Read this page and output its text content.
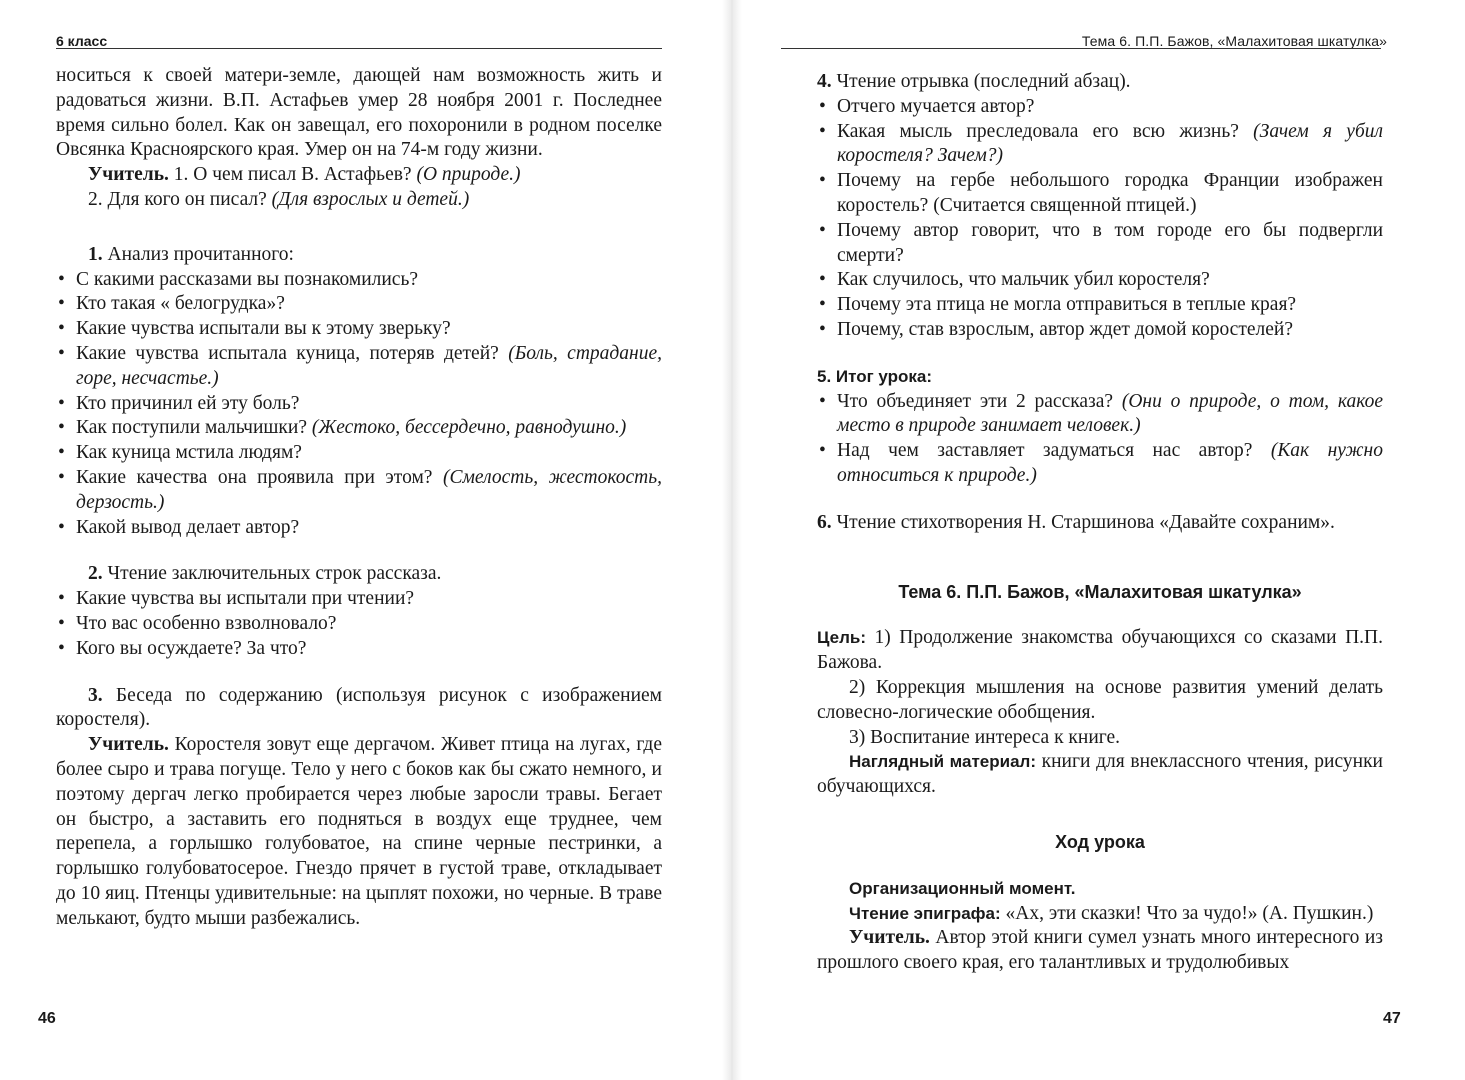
6 класс

носиться к своей матери-земле, дающей нам возможность жить и радоваться жизни. В.П. Астафьев умер 28 ноября 2001 г. Последнее время сильно болел. Как он завещал, его похоронили в родном поселке Овсянка Красноярского края. Умер он на 74-м году жизни.

Учитель. 1. О чем писал В. Астафьев? (О природе.)

2. Для кого он писал? (Для взрослых и детей.)

1. Анализ прочитанного:

• С какими рассказами вы познакомились?
• Кто такая « белогрудка»?
• Какие чувства испытали вы к этому зверьку?
• Какие чувства испытала куница, потеряв детей? (Боль, страдание, горе, несчастье.)
• Кто причинил ей эту боль?
• Как поступили мальчишки? (Жестоко, бессердечно, равнодушно.)
• Как куница мстила людям?
• Какие качества она проявила при этом? (Смелость, жестокость, дерзость.)
• Какой вывод делает автор?

2. Чтение заключительных строк рассказа.

• Какие чувства вы испытали при чтении?
• Что вас особенно взволновало?
• Кого вы осуждаете? За что?

3. Беседа по содержанию (используя рисунок с изображением коростеля).

Учитель. Коростеля зовут еще дергачом. Живет птица на лугах, где более сыро и трава погуще. Тело у него с боков как бы сжато немного, и поэтому дергач легко пробирается через любые заросли травы. Бегает он быстро, а заставить его подняться в воздух еще труднее, чем перепела, а горлышко голубоватое, на спине черные пестринки, а горлышко голубоватосерое. Гнездо прячет в густой траве, откладывает до 10 яиц. Птенцы удивительные: на цыплят похожи, но черные. В траве мелькают, будто мыши разбежались.

46
Тема 6. П.П. Бажов, «Малахитовая шкатулка»

4. Чтение отрывка (последний абзац).

• Отчего мучается автор?
• Какая мысль преследовала его всю жизнь? (Зачем я убил коростеля? Зачем?)
• Почему на гербе небольшого городка Франции изображен коростель? (Считается священной птицей.)
• Почему автор говорит, что в том городе его бы подвергли смерти?
• Как случилось, что мальчик убил коростеля?
• Почему эта птица не могла отправиться в теплые края?
• Почему, став взрослым, автор ждет домой коростелей?

5. Итог урока:

• Что объединяет эти 2 рассказа? (Они о природе, о том, какое место в природе занимает человек.)
• Над чем заставляет задуматься нас автор? (Как нужно относиться к природе.)

6. Чтение стихотворения Н. Старшинова «Давайте сохраним».

Тема 6. П.П. Бажов, «Малахитовая шкатулка»

Цель: 1) Продолжение знакомства обучающихся со сказами П.П. Бажова.

2) Коррекция мышления на основе развития умений делать словесно-логические обобщения.

3) Воспитание интереса к книге.

Наглядный материал: книги для внеклассного чтения, рисунки обучающихся.

Ход урока

Организационный момент.

Чтение эпиграфа: «Ах, эти сказки! Что за чудо!» (А. Пушкин.)

Учитель. Автор этой книги сумел узнать много интересного из прошлого своего края, его талантливых и трудолюбивых

47
